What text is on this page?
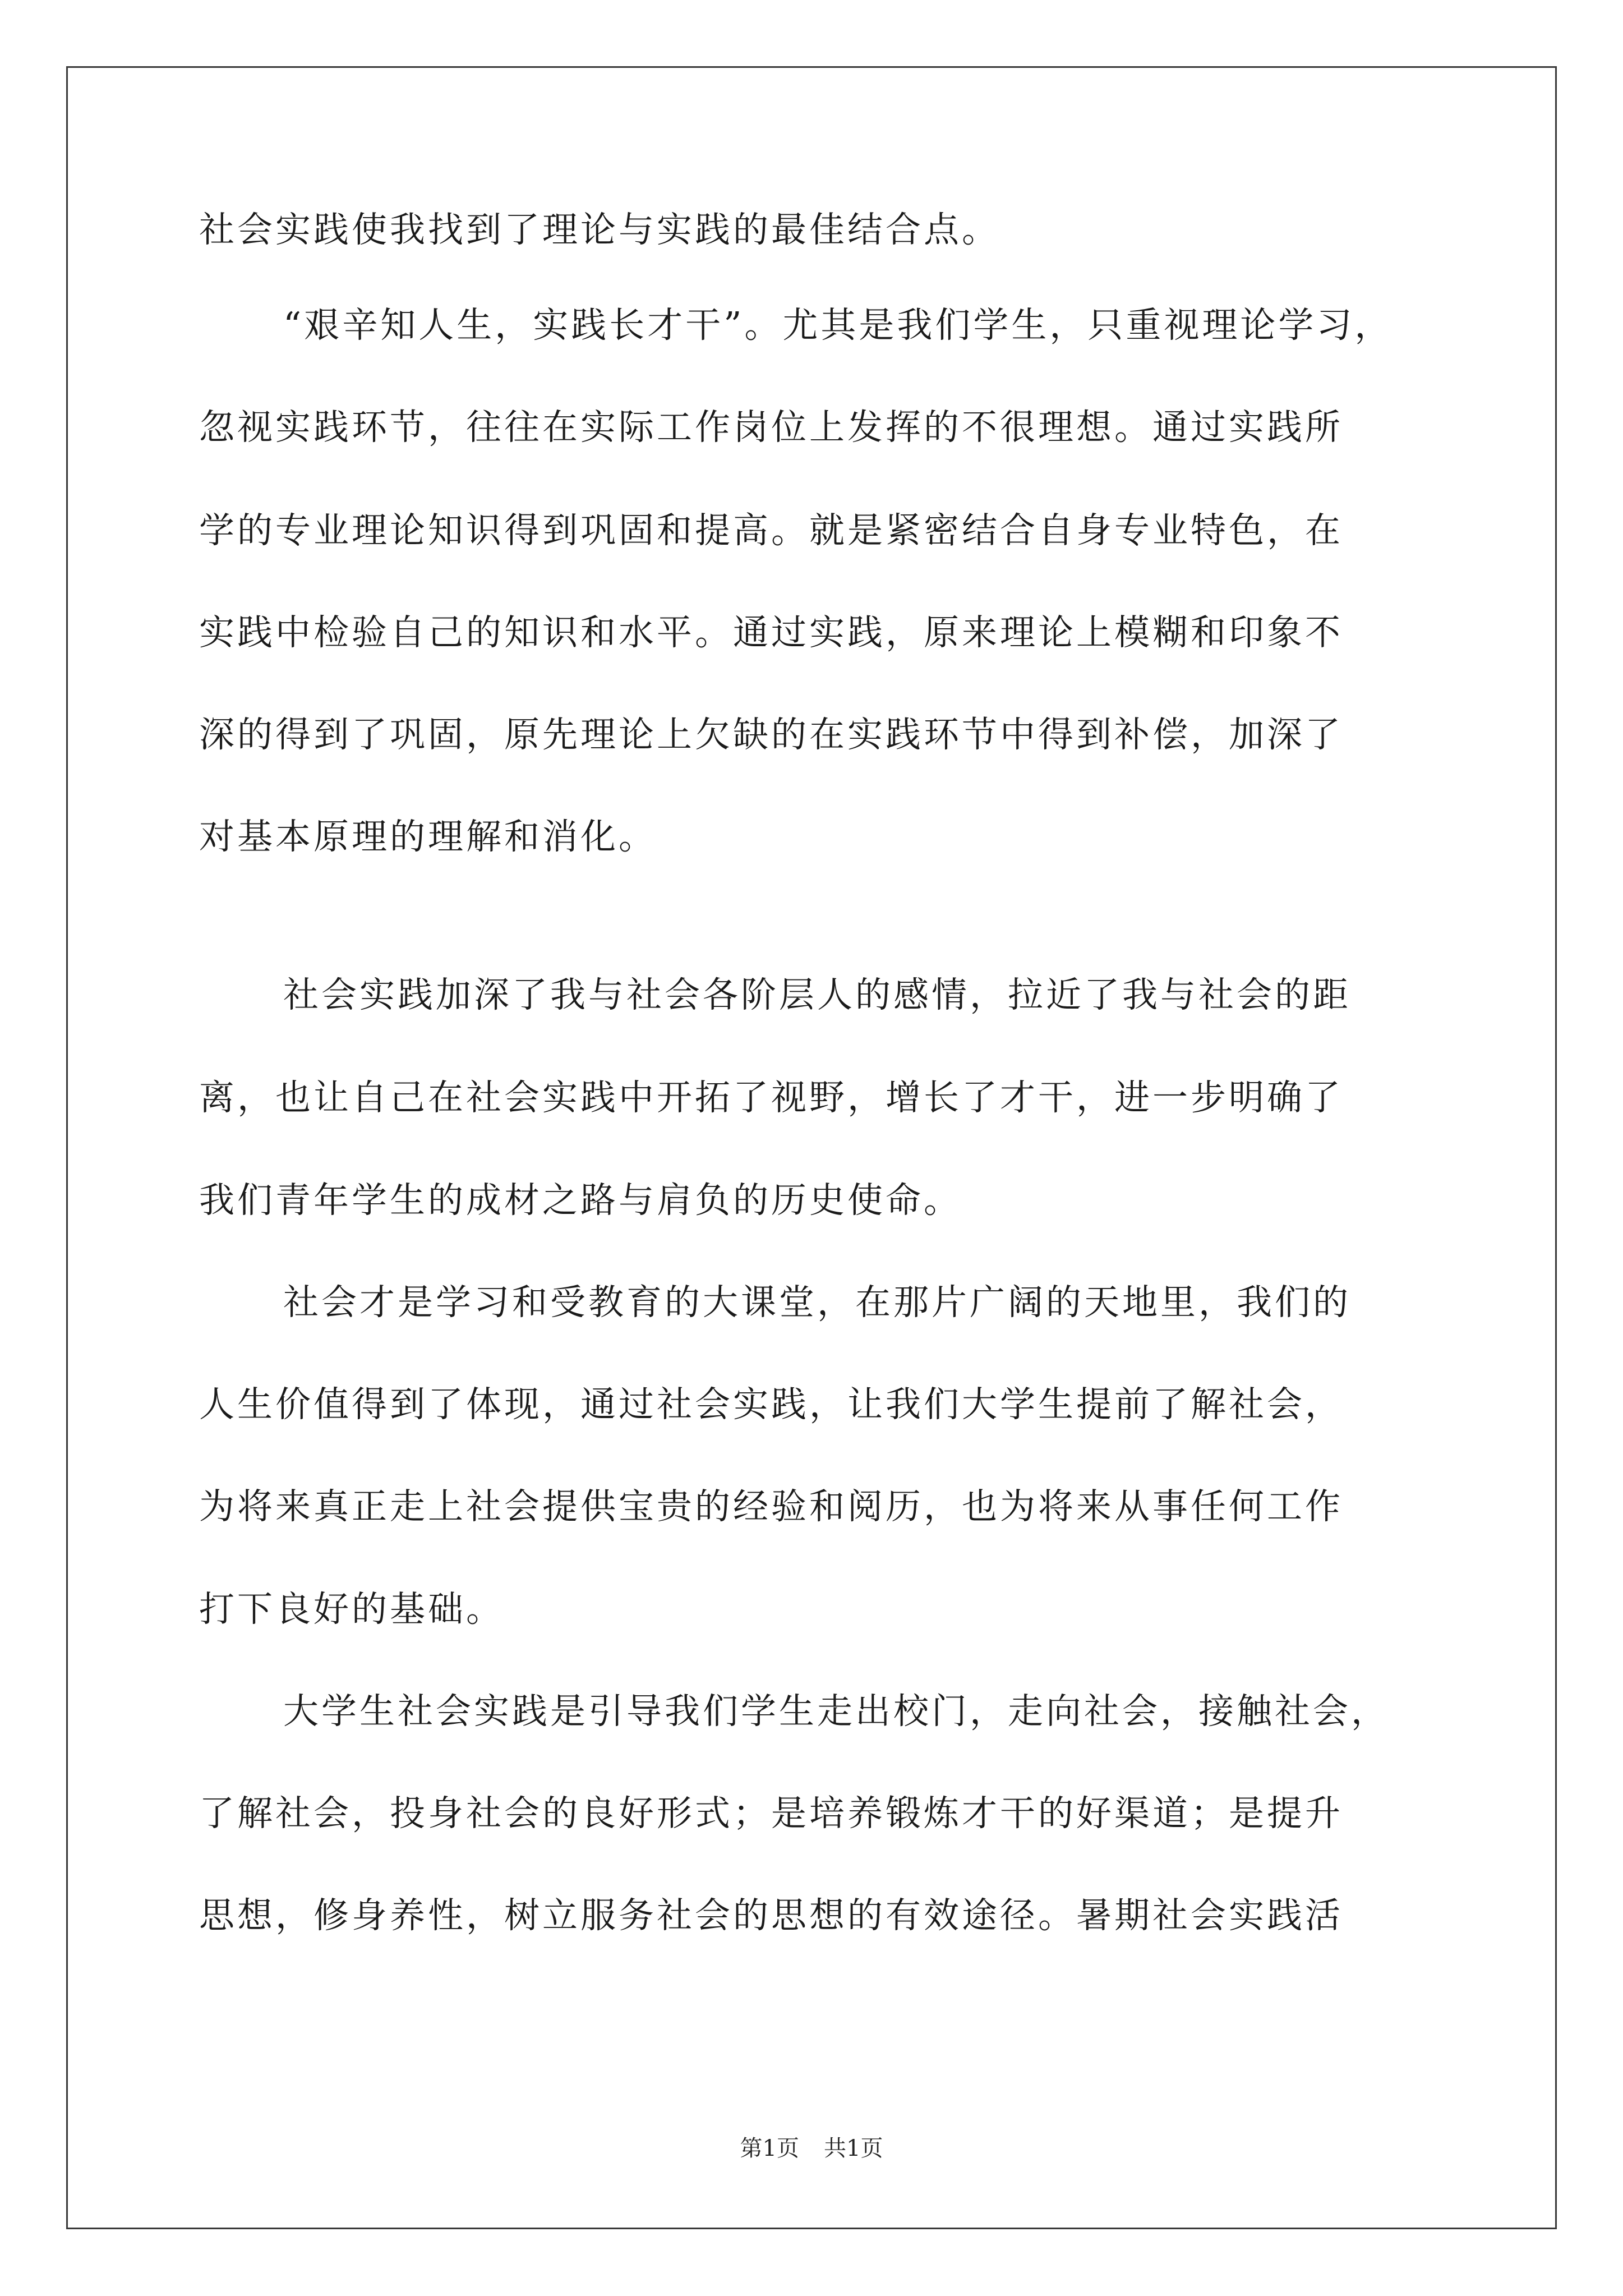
社会实践使我找到了理论与实践的最佳结合点。
“艰辛知人生，实践长才干”。尤其是我们学生，只重视理论学习，
忽视实践环节，往往在实际工作岗位上发挥的不很理想。通过实践所
学的专业理论知识得到巩固和提高。就是紧密结合自身专业特色，在
实践中检验自己的知识和水平。通过实践，原来理论上模糊和印象不
深的得到了巩固，原先理论上欠缺的在实践环节中得到补偿，加深了
对基本原理的理解和消化。
社会实践加深了我与社会各阶层人的感情，拉近了我与社会的距
离，也让自己在社会实践中开拓了视野，增长了才干，进一步明确了
我们青年学生的成材之路与肩负的历史使命。
社会才是学习和受教育的大课堂，在那片广阔的天地里，我们的
人生价值得到了体现，通过社会实践，让我们大学生提前了解社会，
为将来真正走上社会提供宝贵的经验和阅历，也为将来从事任何工作
打下良好的基础。
大学生社会实践是引导我们学生走出校门，走向社会，接触社会，
了解社会，投身社会的良好形式；是培养锻炼才干的好渠道；是提升
思想，修身养性，树立服务社会的思想的有效途径。暑期社会实践活
第1页 共1页
